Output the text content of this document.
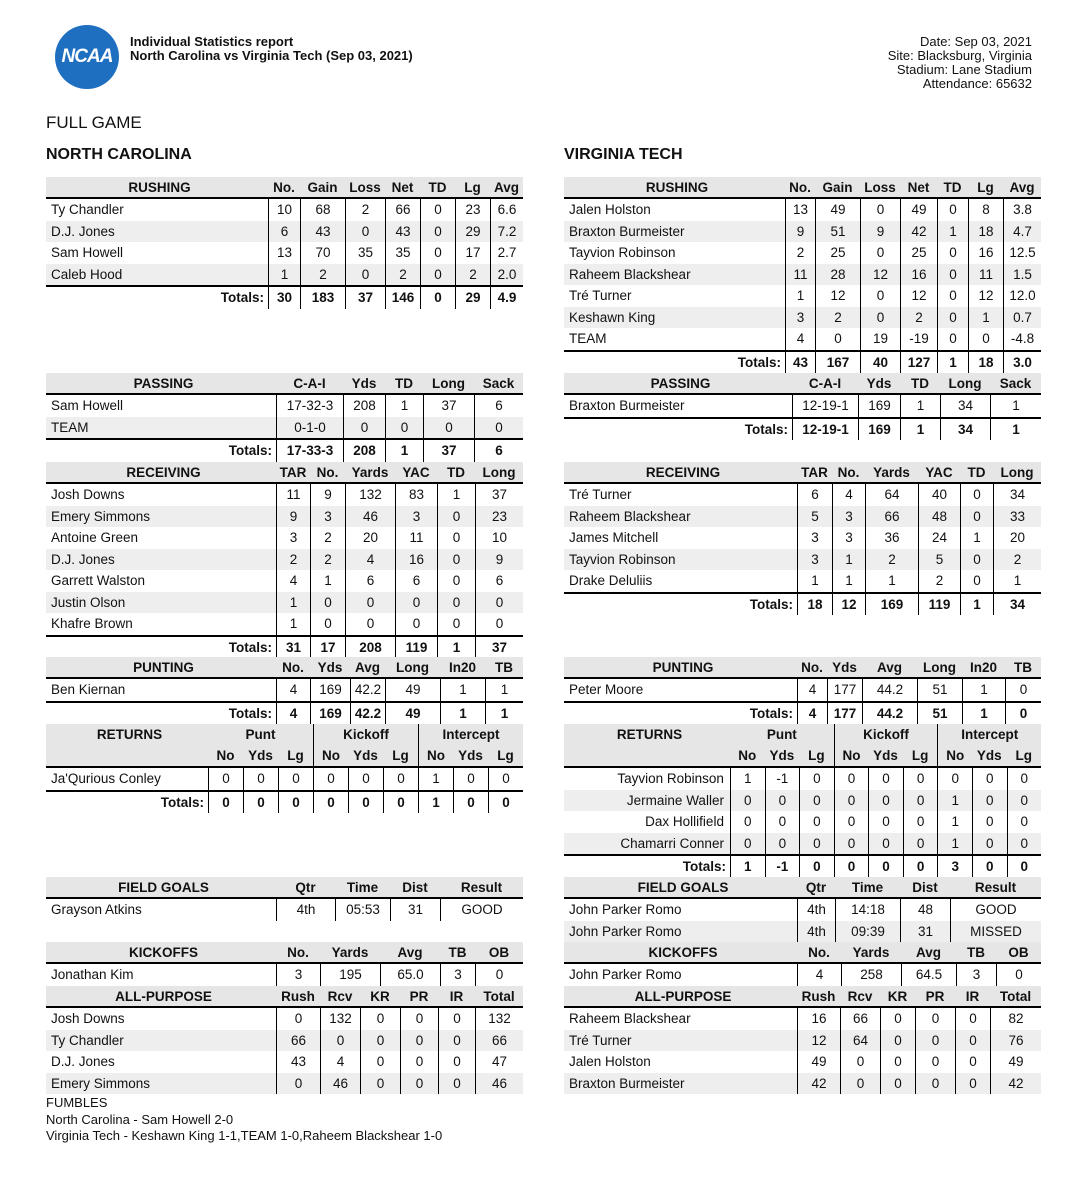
NCAA
Individual Statistics report
North Carolina vs Virginia Tech (Sep 03, 2021)
Date: Sep 03, 2021
Site: Blacksburg, Virginia
Stadium: Lane Stadium
Attendance: 65632
FULL GAME
NORTH CAROLINA	VIRGINIA TECH
FUMBLES
North Carolina - Sam Howell 2-0
Virginia Tech - Keshawn King 1-1,TEAM 1-0,Raheem Blackshear 1-0
RUSHING	No. Gain Loss Net	TD	Lg Avg
Ty Chandler	10	68	2	66	0	23	6.6
D.J. Jones	6	43	0	43	0	29	7.2
Sam Howell	13	70	35	35	0	17	2.7
Caleb Hood	1	2	0	2	0	2	2.0
Totals: 30	183	37	146	0	29	4.9
PASSING	C-A-I	Yds	TD	Long	Sack
Sam Howell	17-32-3	208	1	37	6
TEAM	0-1-0	0	0	0	0
Totals:	17-33-3	208	1	37	6
RECEIVING	TAR No. Yards	YAC	TD	Long
Josh Downs	11	9	132	83	1	37
Emery Simmons	9	3	46	3	0	23
Antoine Green	3	2	20	11	0	10
D.J. Jones	2	2	4	16	0	9
Garrett Walston	4	1	6	6	0	6
Justin Olson	1	0	0	0	0	0
Khafre Brown	1	0	0	0	0	0
Totals:	31	17	208	119	1	37
PUNTING	No.	Yds Avg	Long	In20	TB
Ben Kiernan	4	169 42.2	49	1	1
Totals:	4	169 42.2	49	1	1
RETURNS	Punt	Kickoff	Intercept
No	Yds	Lg	No Yds	Lg	No Yds	Lg
Ja'Qurious Conley	0	0	0	0	0	0	1	0	0
Totals:	0	0	0	0	0	0	1	0	0
FIELD GOALS	Qtr	Time	Dist	Result
Grayson Atkins	4th	05:53	31	GOOD
KICKOFFS	No.	Yards	Avg	TB	OB
Jonathan Kim	3	195	65.0	3	0
ALL-PURPOSE	Rush Rcv	KR	PR	IR	Total
Josh Downs	0	132	0	0	0	132
Ty Chandler	66	0	0	0	0	66
D.J. Jones	43	4	0	0	0	47
Emery Simmons	0	46	0	0	0	46
RUSHING	No. Gain Loss Net	TD	Lg	Avg
Jalen Holston	13	49	0	49	0	8	3.8
Braxton Burmeister	9	51	9	42	1	18	4.7
Tayvion Robinson	2	25	0	25	0	16	12.5
Raheem Blackshear	11	28	12	16	0	11	1.5
Tré Turner	1	12	0	12	0	12	12.0
Keshawn King	3	2	0	2	0	1	0.7
TEAM	4	0	19	-19	0	0	-4.8
Totals: 43	167	40	127	1	18	3.0
PASSING	C-A-I	Yds	TD	Long	Sack
Braxton Burmeister	12-19-1	169	1	34	1
Totals:	12-19-1	169	1	34	1
RECEIVING	TAR No.	Yards	YAC	TD	Long
Tré Turner	6	4	64	40	0	34
Raheem Blackshear	5	3	66	48	0	33
James Mitchell	3	3	36	24	1	20
Tayvion Robinson	3	1	2	5	0	2
Drake Deluliis	1	1	1	2	0	1
Totals:	18	12	169	119	1	34
PUNTING	No. Yds	Avg	Long	In20	TB
Peter Moore	4	177	44.2	51	1	0
Totals:	4	177	44.2	51	1	0
RETURNS	Punt	Kickoff	Intercept
No Yds	Lg	No Yds	Lg	No Yds	Lg
Tayvion Robinson	1	-1	0	0	0	0	0	0	0
Jermaine Waller	0	0	0	0	0	0	1	0	0
Dax Hollifield	0	0	0	0	0	0	1	0	0
Chamarri Conner	0	0	0	0	0	0	1	0	0
Totals:	1	-1	0	0	0	0	3	0	0
FIELD GOALS	Qtr	Time	Dist	Result
John Parker Romo	4th	14:18	48	GOOD
John Parker Romo	4th	09:39	31	MISSED
KICKOFFS	No.	Yards	Avg	TB	OB
John Parker Romo	4	258	64.5	3	0
ALL-PURPOSE	Rush Rcv	KR	PR	IR	Total
Raheem Blackshear	16	66	0	0	0	82
Tré Turner	12	64	0	0	0	76
Jalen Holston	49	0	0	0	0	49
Braxton Burmeister	42	0	0	0	0	42
